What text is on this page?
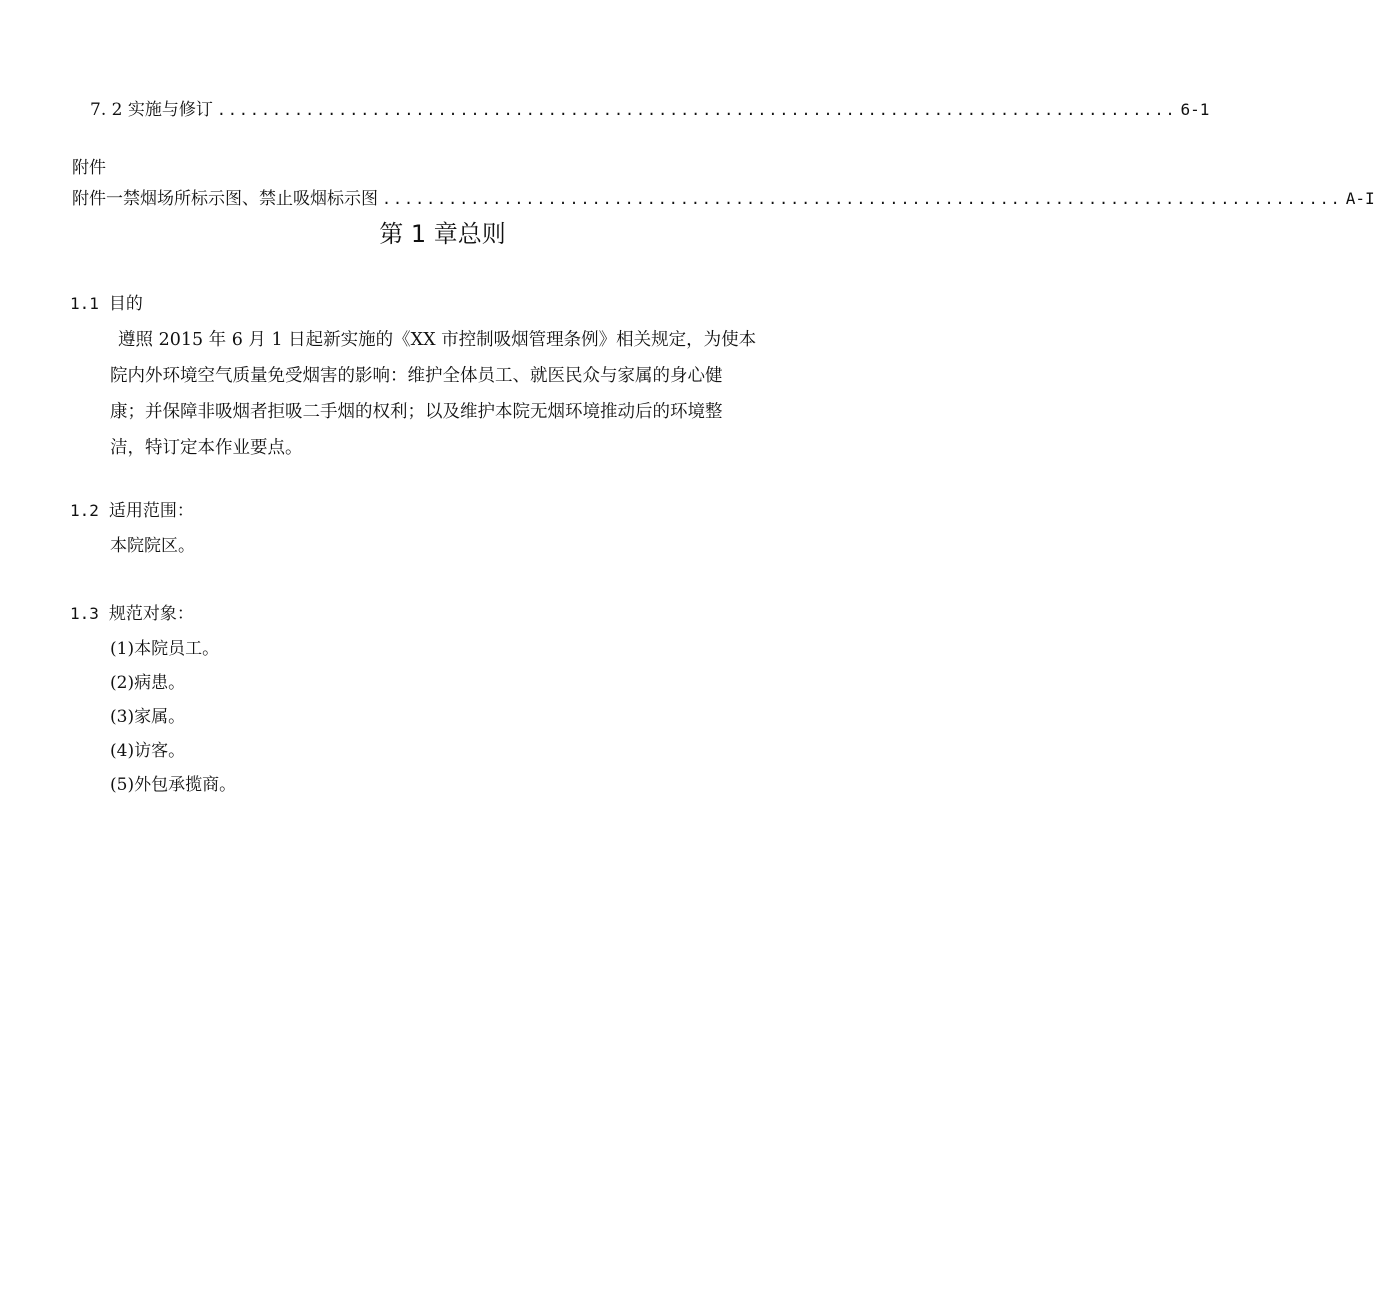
7. 2 实施与修订 ....................................................................................... 6-1
附件
附件一禁烟场所标示图、禁止吸烟标示图 ....................................................................................... A-I
第 1 章总则
1.1 目的
遵照 2015 年 6 月 1 日起新实施的《XX 市控制吸烟管理条例》相关规定，为使本
院内外环境空气质量免受烟害的影响：维护全体员工、就医民众与家属的身心健
康；并保障非吸烟者拒吸二手烟的权利；以及维护本院无烟环境推动后的环境整
洁，特订定本作业要点。
1.2 适用范围：
本院院区。
1.3 规范对象：
(1)本院员工。
(2)病患。
(3)家属。
(4)访客。
(5)外包承揽商。
